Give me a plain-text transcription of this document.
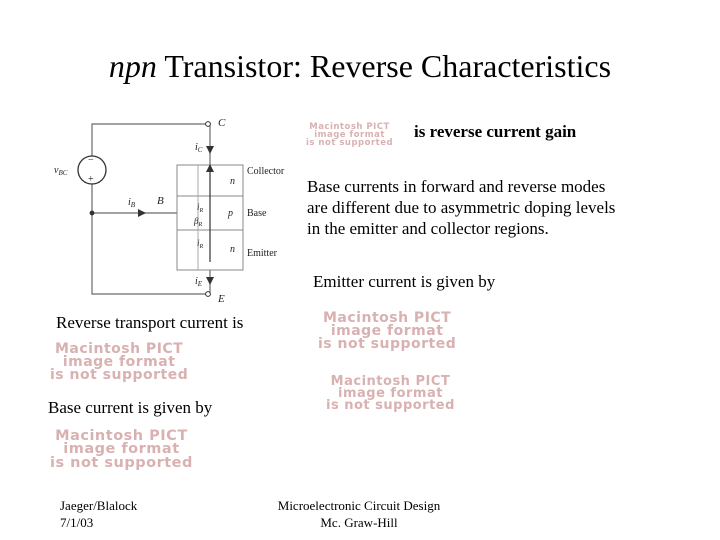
npn Transistor: Reverse Characteristics
−
+
$v_{BC}$
C
B
E
$i_C$
$i_E$
$i_B$
n
p
n
$i_R$
$\beta_R$
$i_R$
Collector
Base
Emitter
Macintosh PICT
image format
is not supported
is reverse current gain
Base currents in forward and reverse modes
are different due to asymmetric doping levels
in the emitter and collector regions.
Emitter current is given by
Macintosh PICT
image format
is not supported
Macintosh PICT
image format
is not supported
Reverse transport current is
Macintosh PICT
image format
is not supported
Base current is given by
Macintosh PICT
image format
is not supported
Jaeger/Blalock
7/1/03
Microelectronic Circuit Design
Mc. Graw-Hill
